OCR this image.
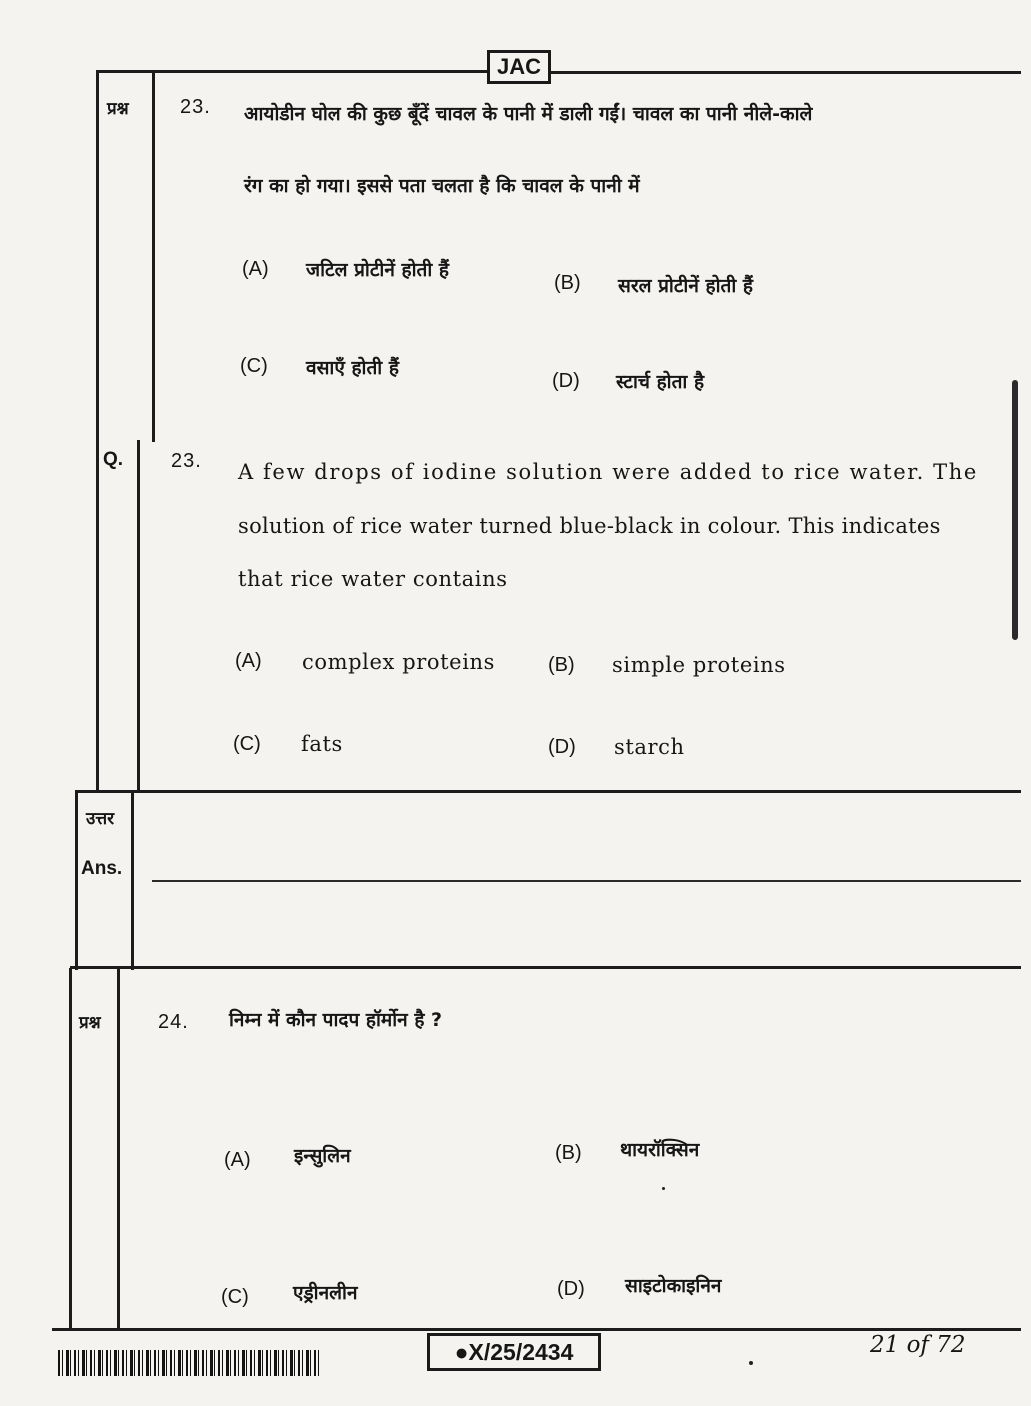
JAC
प्रश्न	23. आयोडीन घोल की कुछ बूँदें चावल के पानी में डाली गईं। चावल का पानी नीले-काले
रंग का हो गया। इससे पता चलता है कि चावल के पानी में
(A) जटिल प्रोटीनें होती हैं
(B) सरल प्रोटीनें होती हैं
(C) वसाएँ होती हैं
(D) स्टार्च होता है
Q. 23. A few drops of iodine solution were added to rice water. The
solution of rice water turned blue-black in colour. This indicates
that rice water contains
(A) complex proteins	(B) simple proteins
(C) fats	(D) starch
उत्तर
Ans.
प्रश्न	24. निम्न में कौन पादप हॉर्मोन है ?
(A) इन्सुलिन	(B) थायरॉक्सिन
(C) एड्रीनलीन	(D) साइटोकाइनिन
●X/25/2434	21 of 72
